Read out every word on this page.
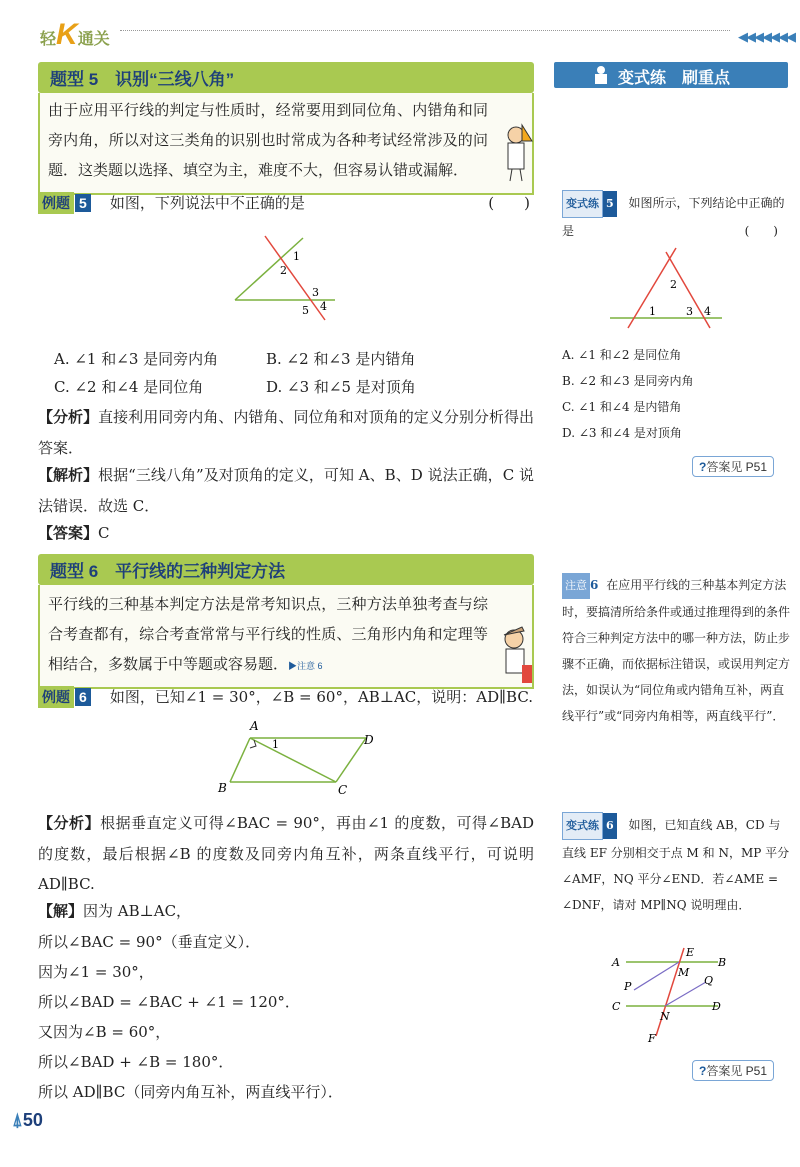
轻K通关	◀◀◀◀◀◀◀
题型 5　识别“三线八角”
由于应用平行线的判定与性质时，经常要用到同位角、内错角和同旁内角，所以对这三类角的识别也时常成为各种考试经常涉及的问题．这类题以选择、填空为主，难度不大，但容易认错或漏解．
例题 5 如图，下列说法中不正确的是	(　　)
1
2
3
4
5
A. ∠1 和∠3 是同旁内角	B. ∠2 和∠3 是内错角
C. ∠2 和∠4 是同位角	D. ∠3 和∠5 是对顶角
【分析】直接利用同旁内角、内错角、同位角和对顶角的定义分别分析得出答案．
【解析】根据“三线八角”及对顶角的定义，可知 A、B、D 说法正确，C 说法错误．故选 C．
【答案】C
题型 6　平行线的三种判定方法
平行线的三种基本判定方法是常考知识点，三种方法单独考查与综合考查都有，综合考查常常与平行线的性质、三角形内角和定理等相结合，多数属于中等题或容易题．▶注意 6
例题 6 如图，已知∠1 = 30°，∠B = 60°，AB⊥AC，说明：AD∥BC.
A
D
B	C
1
【分析】根据垂直定义可得∠BAC = 90°，再由∠1 的度数，可得∠BAD 的度数，最后根据∠B 的度数及同旁内角互补，两条直线平行，可说明 AD∥BC.
【解】因为 AB⊥AC，
所以∠BAC = 90°（垂直定义）．
因为∠1 = 30°，
所以∠BAD = ∠BAC + ∠1 = 120°．
又因为∠B = 60°，
所以∠BAD + ∠B = 180°．
所以 AD∥BC（同旁内角互补，两直线平行）．
⍋50
变式练　刷重点
变式练 5 如图所示，下列结论中正确的是	(　　)
1
2
3 4
A. ∠1 和∠2 是同位角
B. ∠2 和∠3 是同旁内角
C. ∠1 和∠4 是内错角
D. ∠3 和∠4 是对顶角
?答案见 P51
注意 6 在应用平行线的三种基本判定方法时，要搞清所给条件或通过推理得到的条件符合三种判定方法中的哪一种方法，防止步骤不正确，而依据标注错误，或误用判定方法，如误认为“同位角或内错角互补，两直线平行”或“同旁内角相等，两直线平行”．
变式练 6 如图，已知直线 AB，CD 与直线 EF 分别相交于点 M 和 N，MP 平分∠AMF，NQ 平分∠END．若∠AME = ∠DNF，请对 MP∥NQ 说明理由．
A	B
C	D
E
F
M
N
P	Q
?答案见 P51
